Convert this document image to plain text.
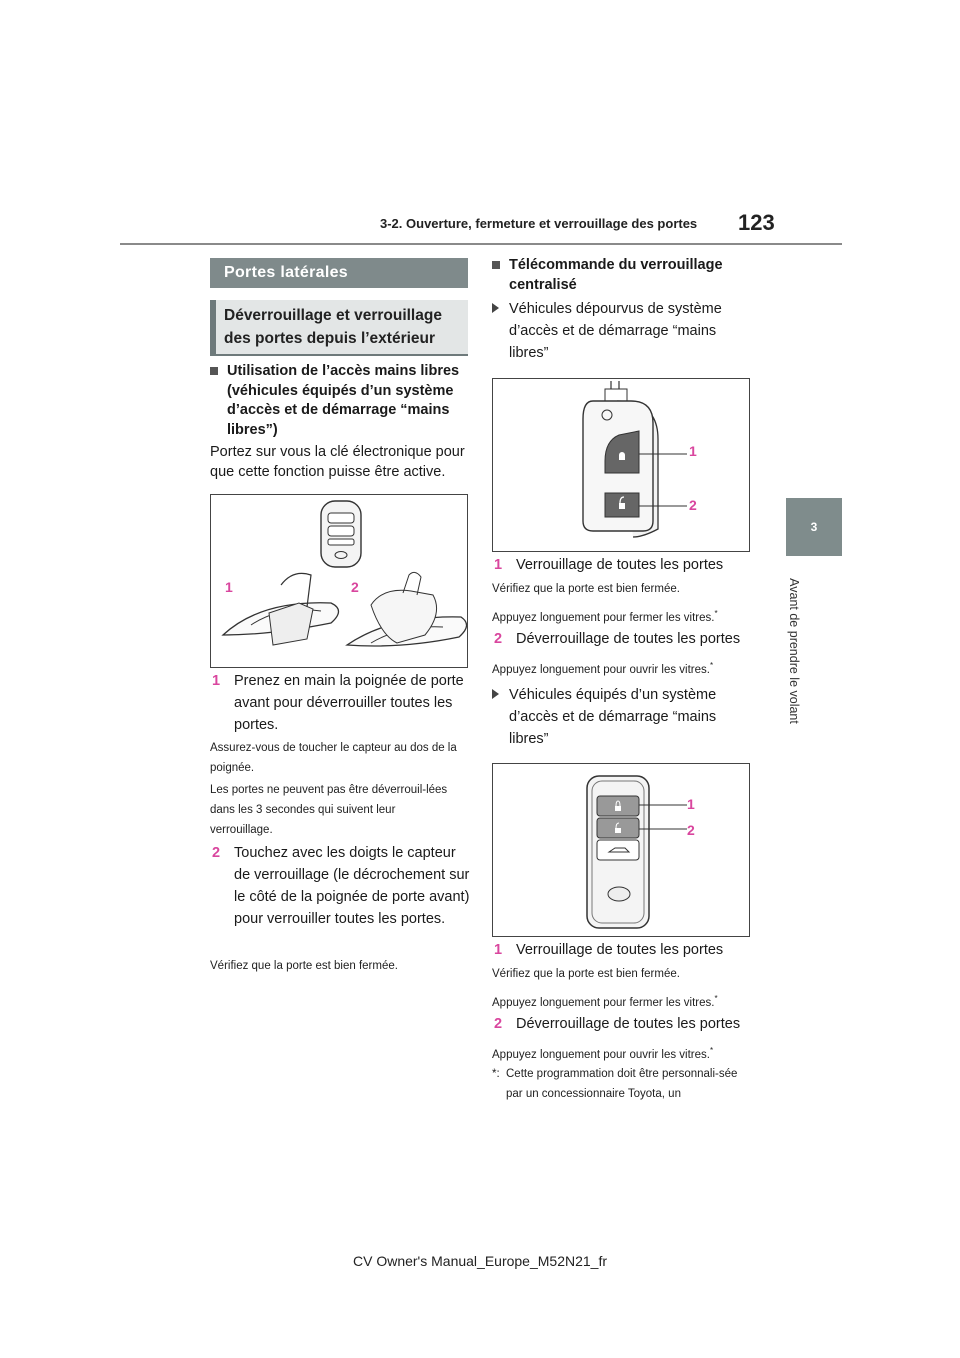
3-2. Ouverture, fermeture et verrouillage des portes 123
3
Avant de prendre le volant
Portes latérales
Déverrouillage et verrouillage des portes depuis l’extérieur
Utilisation de l’accès mains libres (véhicules équipés d’un système d’accès et de démarrage “mains libres”)
Portez sur vous la clé électronique pour que cette fonction puisse être active.
1	2
1 Prenez en main la poignée de porte avant pour déverrouiller toutes les portes.
Assurez-vous de toucher le capteur au dos de la poignée.
Les portes ne peuvent pas être déverrouil-lées dans les 3 secondes qui suivent leur verrouillage.
2 Touchez avec les doigts le capteur de verrouillage (le décrochement sur le côté de la poignée de porte avant) pour verrouiller toutes les portes.
Vérifiez que la porte est bien fermée.
Télécommande du verrouillage centralisé
Véhicules dépourvus de système d’accès et de démarrage “mains libres”
1
2
1 Verrouillage de toutes les portes
Vérifiez que la porte est bien fermée.
Appuyez longuement pour fermer les vitres.*
2 Déverrouillage de toutes les portes
Appuyez longuement pour ouvrir les vitres.*
Véhicules équipés d’un système d’accès et de démarrage “mains libres”
1
2
1 Verrouillage de toutes les portes
Vérifiez que la porte est bien fermée.
Appuyez longuement pour fermer les vitres.*
2 Déverrouillage de toutes les portes
Appuyez longuement pour ouvrir les vitres.*
*: Cette programmation doit être personnali-sée par un concessionnaire Toyota, un
CV Owner's Manual_Europe_M52N21_fr
